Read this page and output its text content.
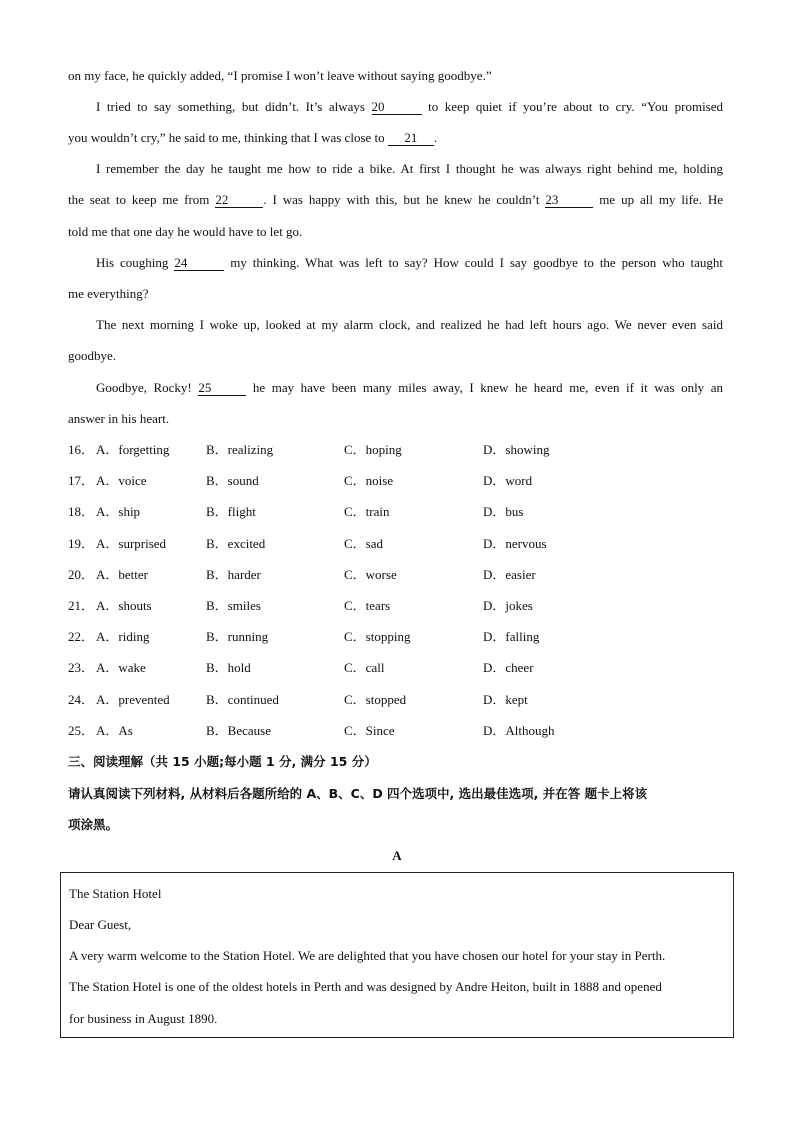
on my face, he quickly added, “I promise I won’t leave without saying goodbye.”
I tried to say something, but didn’t. It’s always 20	to keep quiet if you’re about to cry. “You promised
you wouldn’t cry,” he said to me, thinking that I was close to 21 .
I remember the day he taught me how to ride a bike. At first I thought he was always right behind me, holding
the seat to keep me from 22	. I was happy with this, but he knew he couldn’t 23	me up all my life. He
told me that one day he would have to let go.
His coughing 24	my thinking. What was left to say? How could I say goodbye to the person who taught
me everything?
The next morning I woke up, looked at my alarm clock, and realized he had left hours ago. We never even said
goodbye.
Goodbye, Rocky! 25	he may have been many miles away, I knew he heard me, even if it was only an
answer in his heart.
16． A．forgetting	B．realizing	C．hoping	D．showing
17． A．voice	B．sound	C．noise	D．word
18． A．ship	B．flight	C．train	D．bus
19． A．surprised	B．excited	C．sad	D．nervous
20． A．better	B．harder	C．worse	D．easier
21． A．shouts	B．smiles	C．tears	D．jokes
22． A．riding	B．running	C．stopping	D．falling
23． A．wake	B．hold	C．call	D．cheer
24． A．prevented	B．continued	C．stopped	D．kept
25． A．As	B．Because	C．Since	D．Although
三、阅读理解（共 15 小题;每小题 1 分, 满分 15 分）
请认真阅读下列材料, 从材料后各题所给的 A、B、C、D 四个选项中, 选出最佳选项, 并在答 题卡上将该
项涂黑。
A
The Station Hotel
Dear Guest,
A very warm welcome to the Station Hotel. We are delighted that you have chosen our hotel for your stay in Perth.
The Station Hotel is one of the oldest hotels in Perth and was designed by Andre Heiton, built in 1888 and opened
for business in August 1890.
